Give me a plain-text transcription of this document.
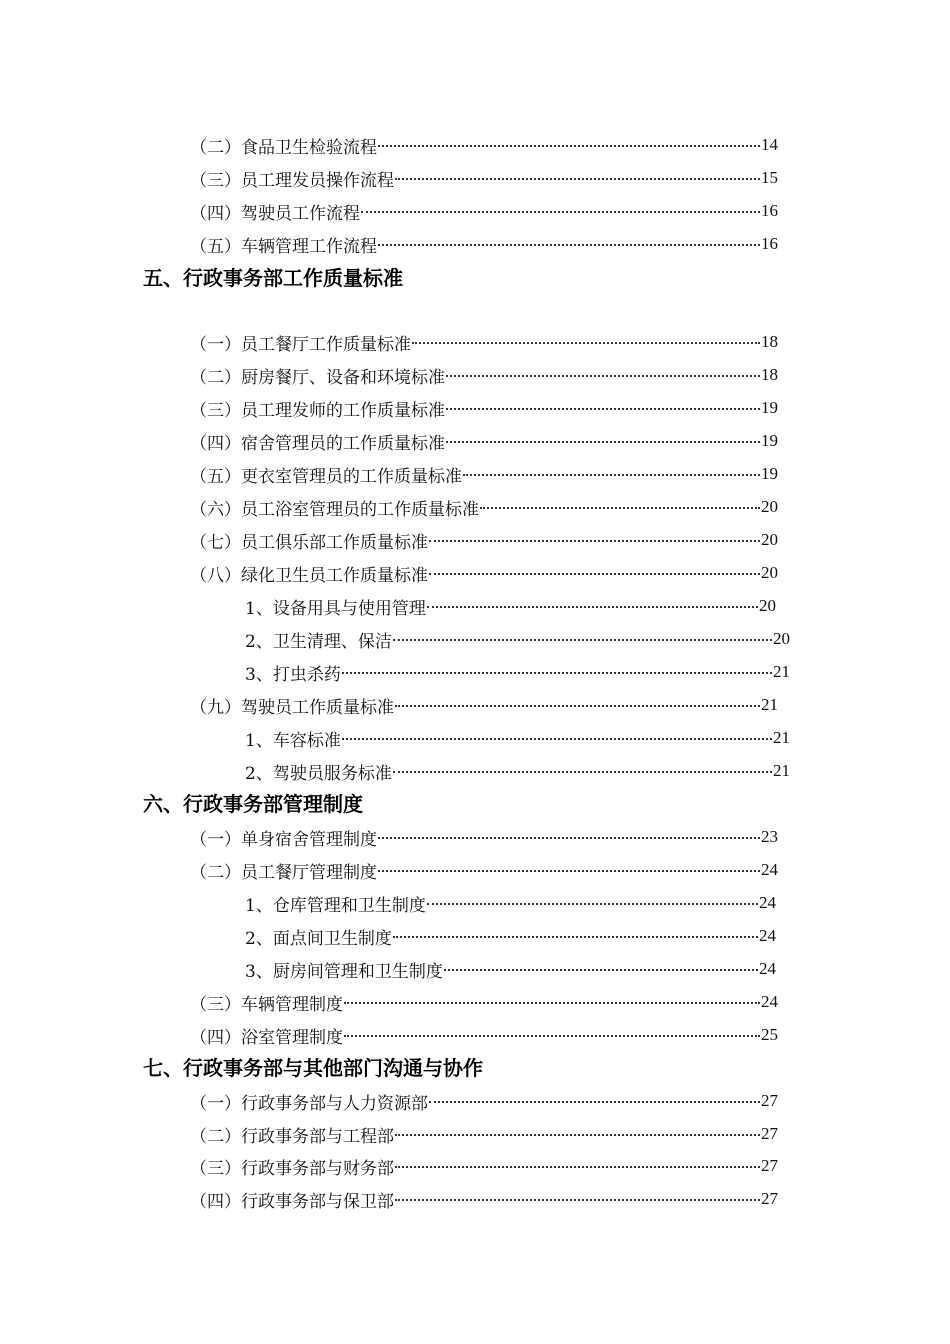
（二）食品卫生检验流程	14
（三）员工理发员操作流程	15
（四）驾驶员工作流程	16
（五）车辆管理工作流程	16
五、行政事务部工作质量标准
（一）员工餐厅工作质量标准	18
（二）厨房餐厅、设备和环境标准	18
（三）员工理发师的工作质量标准	19
（四）宿舍管理员的工作质量标准	19
（五）更衣室管理员的工作质量标准	19
（六）员工浴室管理员的工作质量标准	20
（七）员工俱乐部工作质量标准	20
（八）绿化卫生员工作质量标准	20
1、设备用具与使用管理	20
2、卫生清理、保洁	20
3、打虫杀药	21
（九）驾驶员工作质量标准	21
1、车容标准	21
2、驾驶员服务标准	21
六、行政事务部管理制度
（一）单身宿舍管理制度	23
（二）员工餐厅管理制度	24
1、仓库管理和卫生制度	24
2、面点间卫生制度	24
3、厨房间管理和卫生制度	24
（三）车辆管理制度	24
（四）浴室管理制度	25
七、行政事务部与其他部门沟通与协作
（一）行政事务部与人力资源部	27
（二）行政事务部与工程部	27
（三）行政事务部与财务部	27
（四）行政事务部与保卫部	27
